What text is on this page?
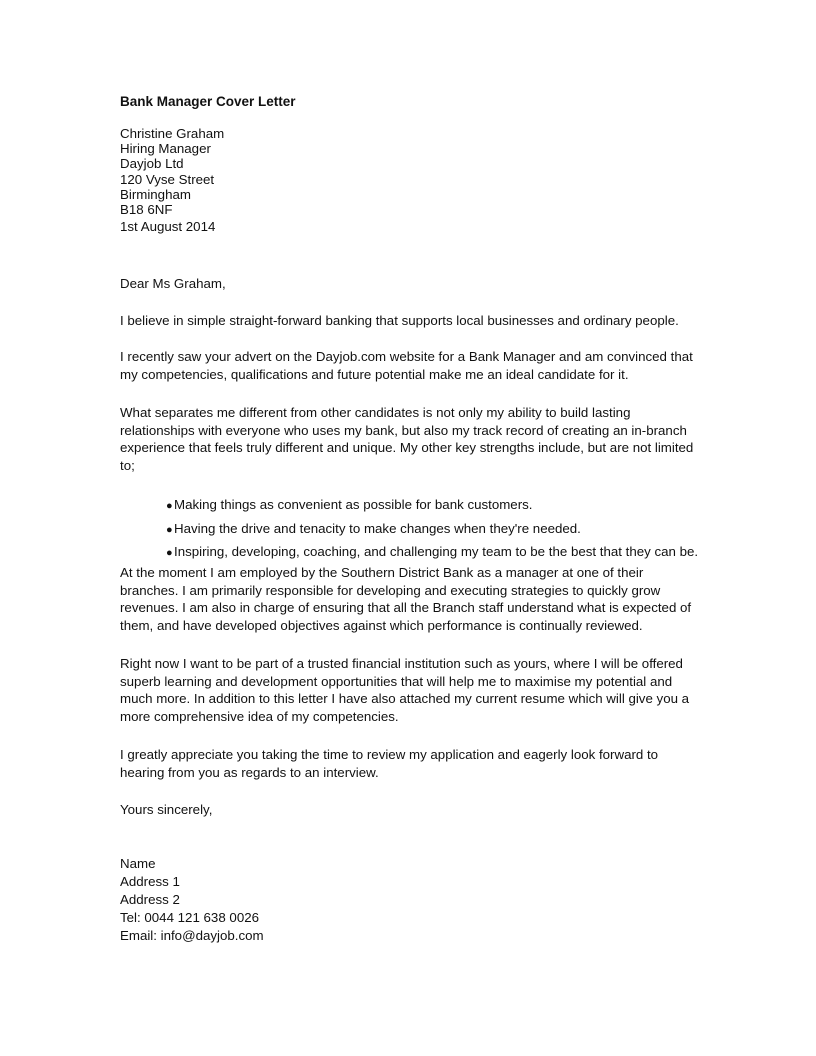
Bank Manager Cover Letter
Christine Graham
Hiring Manager
Dayjob Ltd
120 Vyse Street
Birmingham
B18 6NF
1st August 2014
Dear Ms Graham,
I believe in simple straight-forward banking that supports local businesses and ordinary people.
I recently saw your advert on the Dayjob.com website for a Bank Manager and am convinced that
my competencies, qualifications and future potential make me an ideal candidate for it.
What separates me different from other candidates is not only my ability to build lasting
relationships with everyone who uses my bank, but also my track record of creating an in-branch
experience that feels truly different and unique. My other key strengths include, but are not limited
to;
● Making things as convenient as possible for bank customers.
● Having the drive and tenacity to make changes when they're needed.
● Inspiring, developing, coaching, and challenging my team to be the best that they can be.
At the moment I am employed by the Southern District Bank as a manager at one of their
branches. I am primarily responsible for developing and executing strategies to quickly grow
revenues. I am also in charge of ensuring that all the Branch staff understand what is expected of
them, and have developed objectives against which performance is continually reviewed.
Right now I want to be part of a trusted financial institution such as yours, where I will be offered
superb learning and development opportunities that will help me to maximise my potential and
much more. In addition to this letter I have also attached my current resume which will give you a
more comprehensive idea of my competencies.
I greatly appreciate you taking the time to review my application and eagerly look forward to
hearing from you as regards to an interview.
Yours sincerely,
Name
Address 1
Address 2
Tel: 0044 121 638 0026
Email: info@dayjob.com
